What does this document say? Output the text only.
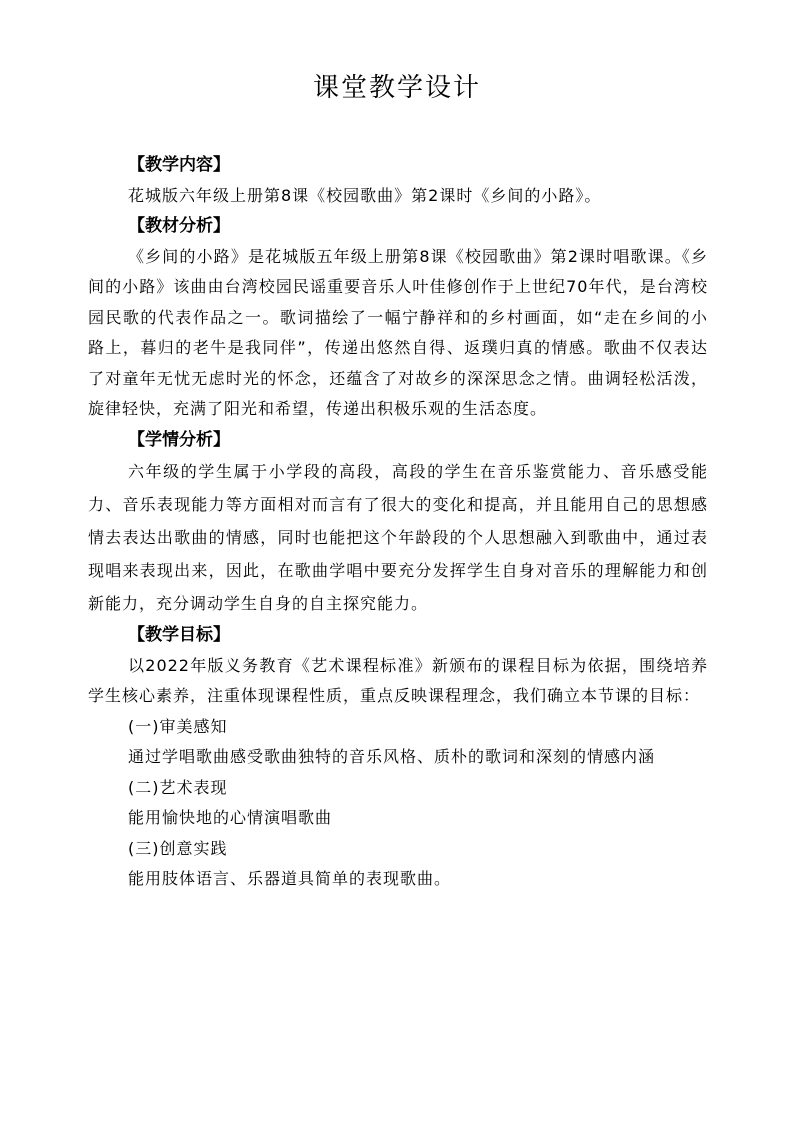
课堂教学设计

【教学内容】

花城版六年级上册第8课《校园歌曲》第2课时《乡间的小路》。

【教材分析】

《乡间的小路》是花城版五年级上册第8课《校园歌曲》第2课时唱歌课。《乡间的小路》该曲由台湾校园民谣重要音乐人叶佳修创作于上世纪70年代，是台湾校园民歌的代表作品之一。歌词描绘了一幅宁静祥和的乡村画面，如“走在乡间的小路上，暮归的老牛是我同伴”，传递出悠然自得、返璞归真的情感。歌曲不仅表达了对童年无忧无虑时光的怀念，还蕴含了对故乡的深深思念之情。曲调轻松活泼，旋律轻快，充满了阳光和希望，传递出积极乐观的生活态度。

【学情分析】

六年级的学生属于小学段的高段，高段的学生在音乐鉴赏能力、音乐感受能力、音乐表现能力等方面相对而言有了很大的变化和提高，并且能用自己的思想感情去表达出歌曲的情感，同时也能把这个年龄段的个人思想融入到歌曲中，通过表现唱来表现出来，因此，在歌曲学唱中要充分发挥学生自身对音乐的理解能力和创新能力，充分调动学生自身的自主探究能力。

【教学目标】

以2022年版义务教育《艺术课程标准》新颁布的课程目标为依据，围绕培养学生核心素养，注重体现课程性质，重点反映课程理念，我们确立本节课的目标：

(一)审美感知

通过学唱歌曲感受歌曲独特的音乐风格、质朴的歌词和深刻的情感内涵

(二)艺术表现

能用愉快地的心情演唱歌曲

(三)创意实践

能用肢体语言、乐器道具简单的表现歌曲。
